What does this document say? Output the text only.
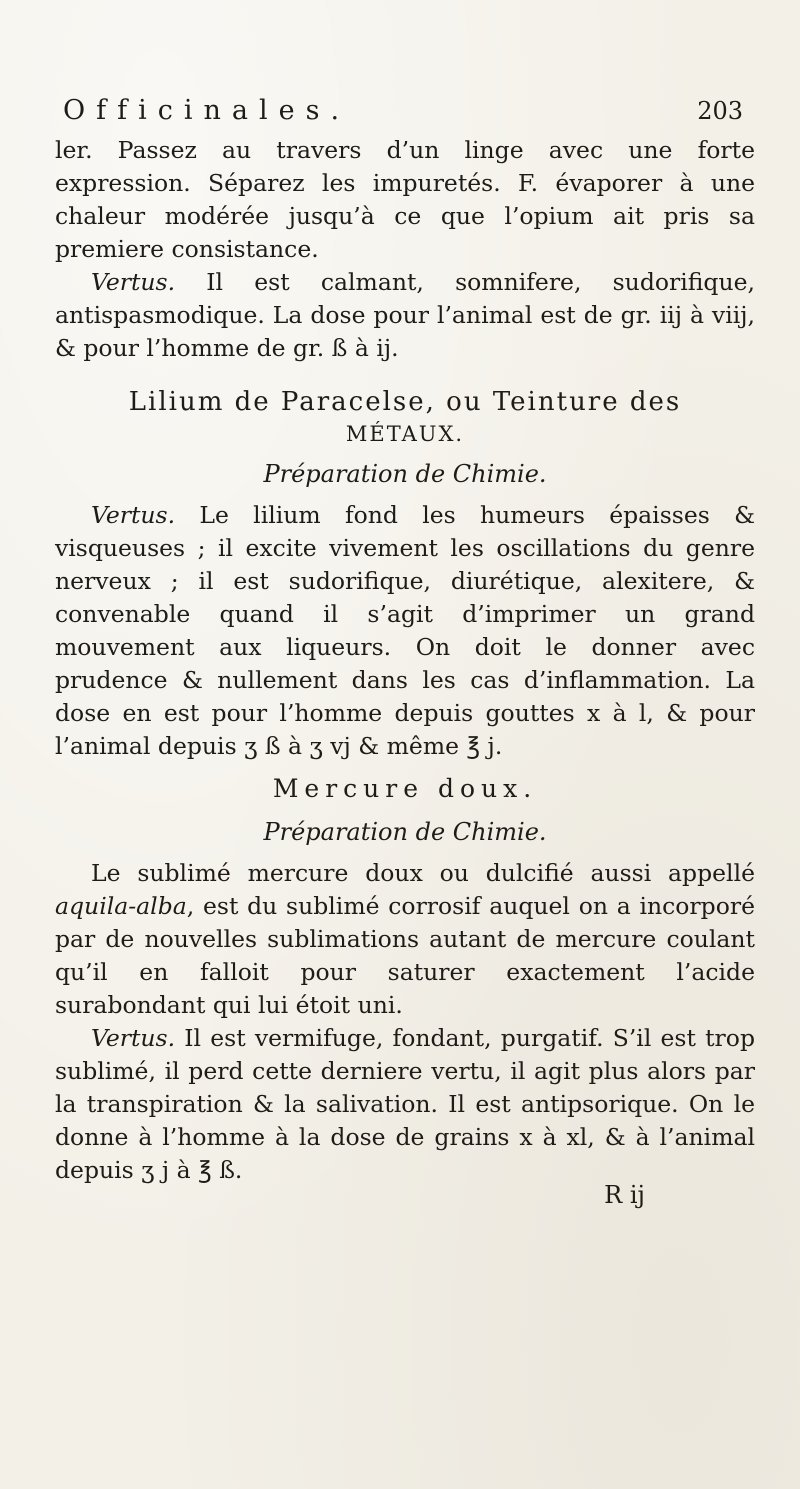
Officinales.	203

ler. Passez au travers d’un linge avec une forte expression. Séparez les impuretés. F. évaporer à une chaleur modérée jusqu’à ce que l’opium ait pris sa premiere consistance.

Vertus. Il est calmant, somnifere, sudorifique, antispasmodique. La dose pour l’animal est de gr. iij à viij, & pour l’homme de gr. ß à ij.

Lilium de Paracelse, ou Teinture des
MÉTAUX.
Préparation de Chimie.

Vertus. Le lilium fond les humeurs épaisses & visqueuses ; il excite vivement les oscillations du genre nerveux ; il est sudorifique, diurétique, alexitere, & convenable quand il s’agit d’imprimer un grand mouvement aux liqueurs. On doit le donner avec prudence & nullement dans les cas d’inflammation. La dose en est pour l’homme depuis gouttes x à l, & pour l’animal depuis ʒ ß à ʒ vj & même ℥ j.

Mercure doux.
Préparation de Chimie.

Le sublimé mercure doux ou dulcifié aussi appellé aquila-alba, est du sublimé corrosif auquel on a incorporé par de nouvelles sublimations autant de mercure coulant qu’il en falloit pour saturer exactement l’acide surabondant qui lui étoit uni.

Vertus. Il est vermifuge, fondant, purgatif. S’il est trop sublimé, il perd cette derniere vertu, il agit plus alors par la transpiration & la salivation. Il est antipsorique. On le donne à l’homme à la dose de grains x à xl, & à l’animal depuis ʒ j à ℥ ß.

R ij
